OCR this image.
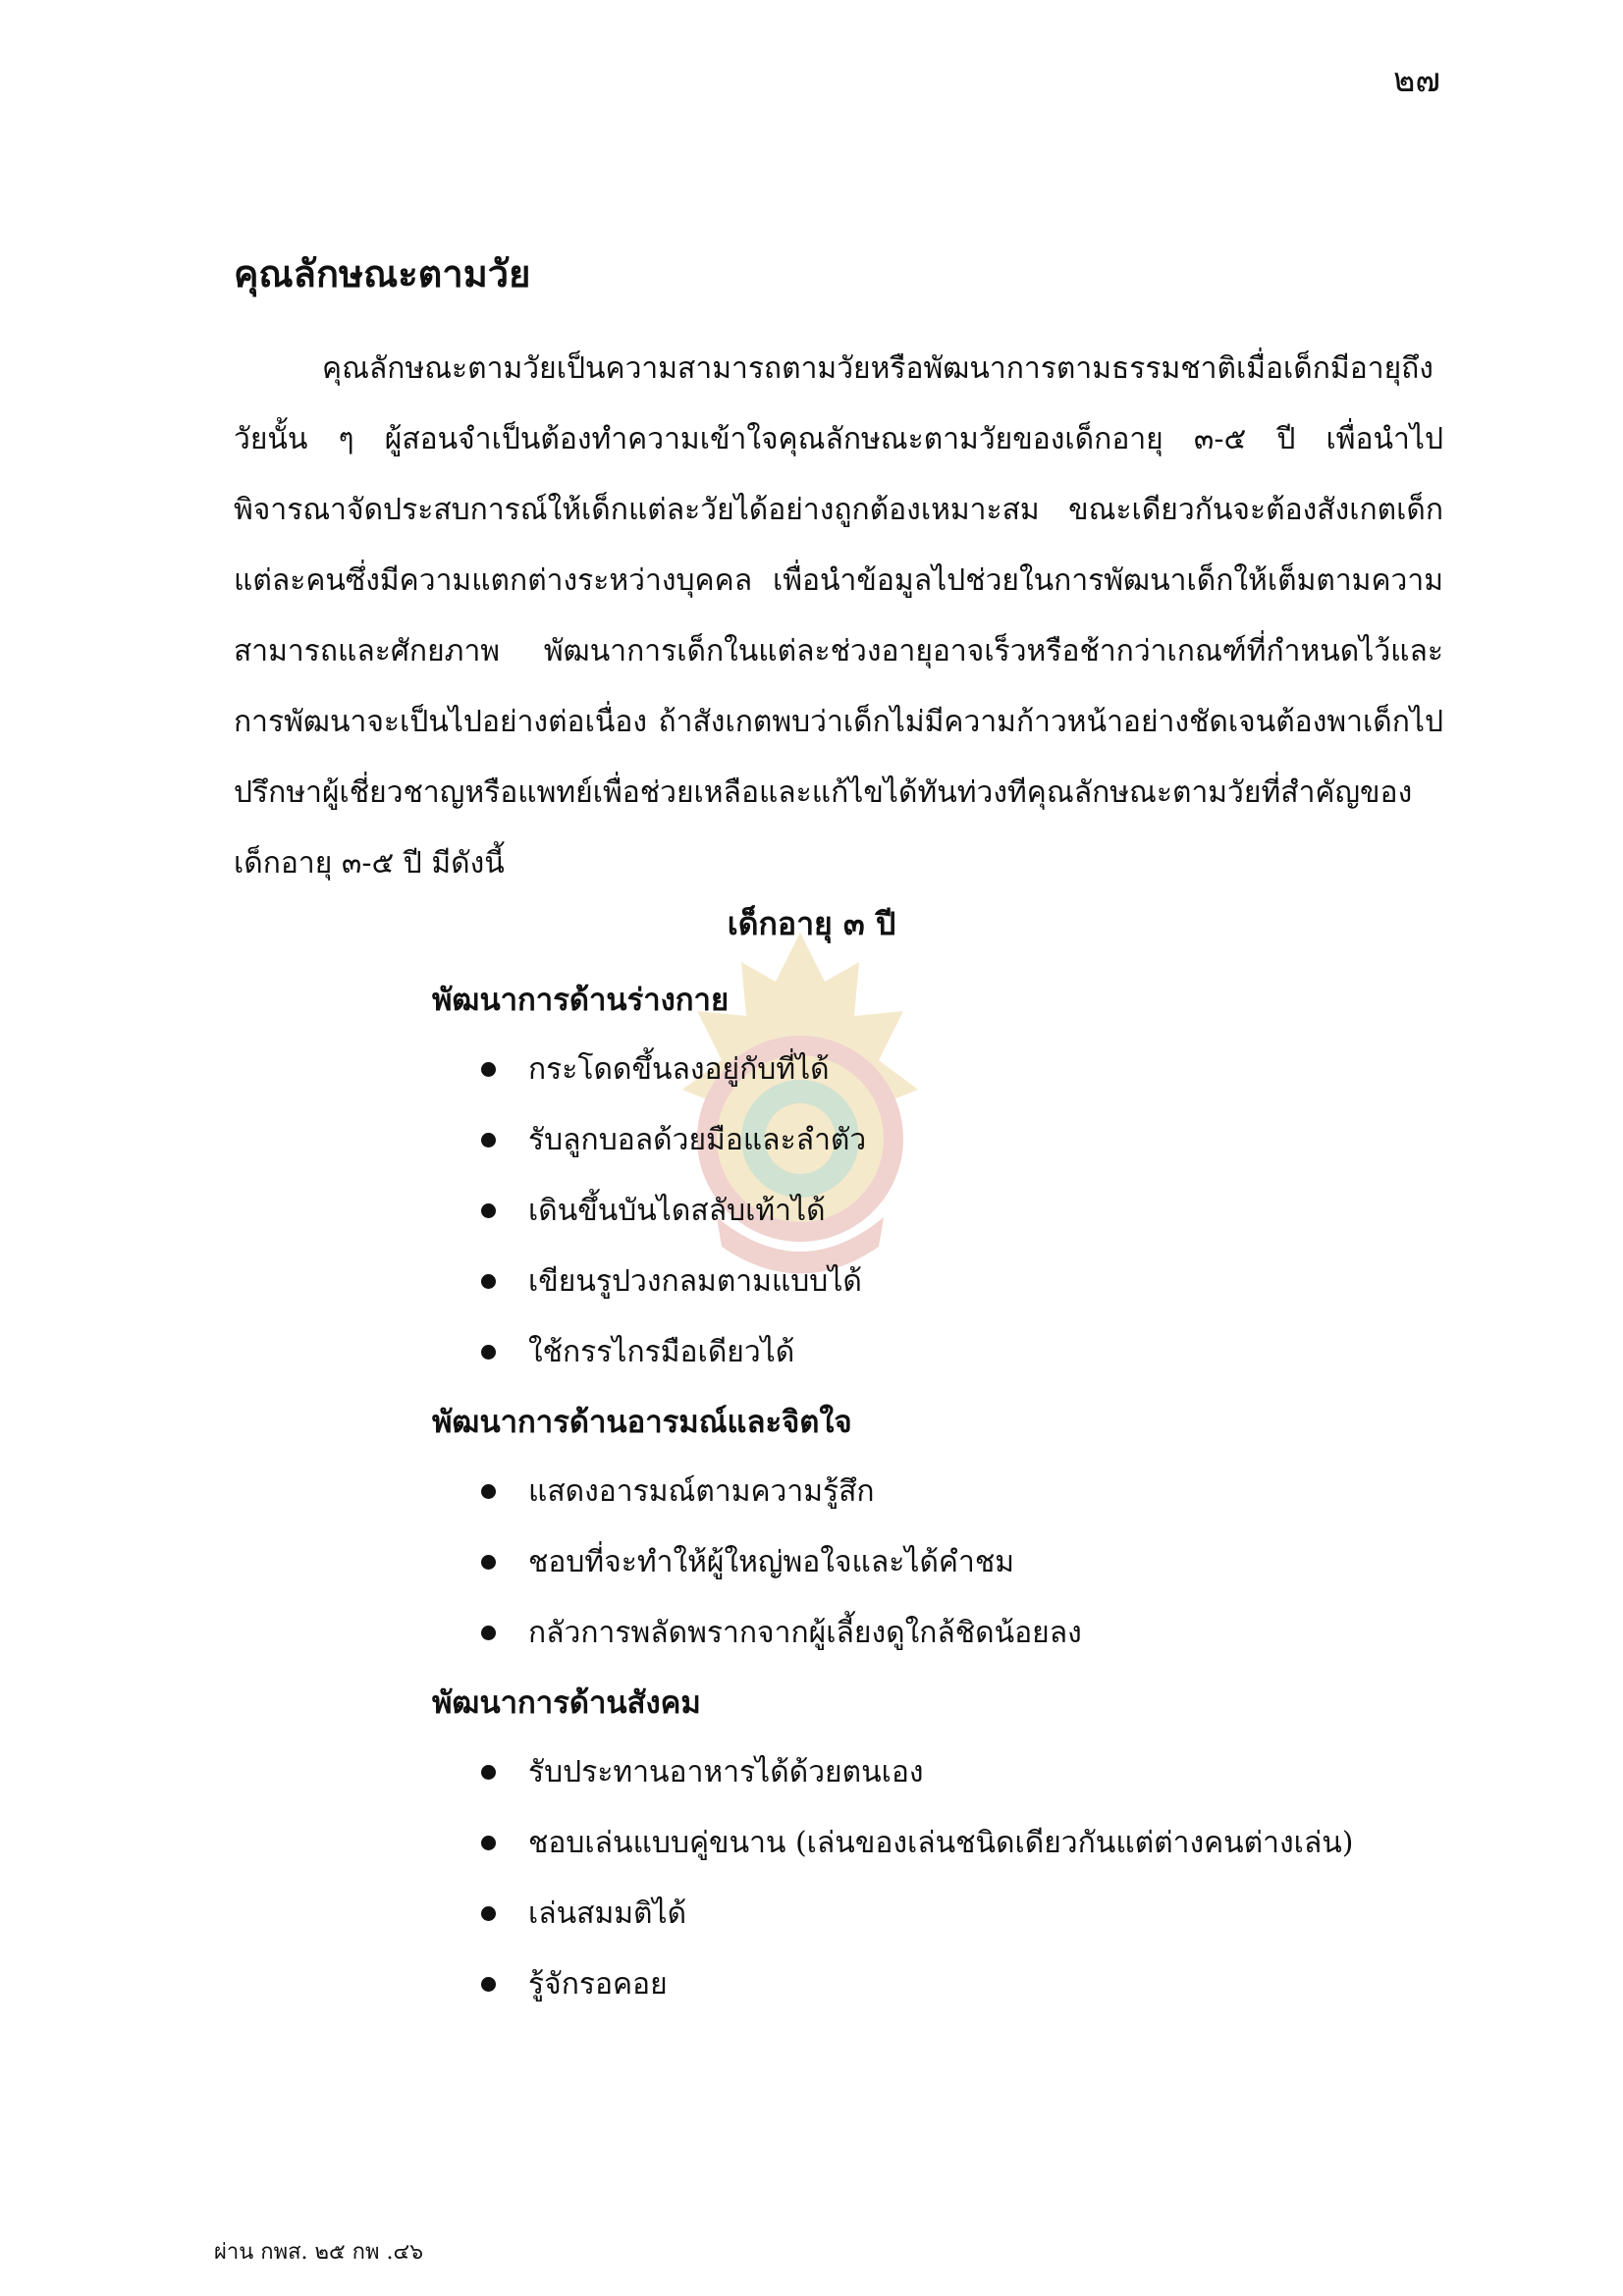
๒๗
คุณลักษณะตามวัย

คุณลักษณะตามวัยเป็นความสามารถตามวัยหรือพัฒนาการตามธรรมชาติเมื่อเด็กมีอายุถึงวัยนั้น ๆ ผู้สอนจำเป็นต้องทำความเข้าใจคุณลักษณะตามวัยของเด็กอายุ ๓-๕ ปี เพื่อนำไปพิจารณาจัดประสบการณ์ให้เด็กแต่ละวัยได้อย่างถูกต้องเหมาะสม ขณะเดียวกันจะต้องสังเกตเด็กแต่ละคนซึ่งมีความแตกต่างระหว่างบุคคล เพื่อนำข้อมูลไปช่วยในการพัฒนาเด็กให้เต็มตามความสามารถและศักยภาพ พัฒนาการเด็กในแต่ละช่วงอายุอาจเร็วหรือช้ากว่าเกณฑ์ที่กำหนดไว้และการพัฒนาจะเป็นไปอย่างต่อเนื่อง ถ้าสังเกตพบว่าเด็กไม่มีความก้าวหน้าอย่างชัดเจนต้องพาเด็กไปปรึกษาผู้เชี่ยวชาญหรือแพทย์เพื่อช่วยเหลือและแก้ไขได้ทันท่วงทีคุณลักษณะตามวัยที่สำคัญของเด็กอายุ ๓-๕ ปี มีดังนี้

เด็กอายุ ๓ ปี
พัฒนาการด้านร่างกาย
กระโดดขึ้นลงอยู่กับที่ได้
รับลูกบอลด้วยมือและลำตัว
เดินขึ้นบันไดสลับเท้าได้
เขียนรูปวงกลมตามแบบได้
ใช้กรรไกรมือเดียวได้
พัฒนาการด้านอารมณ์และจิตใจ
แสดงอารมณ์ตามความรู้สึก
ชอบที่จะทำให้ผู้ใหญ่พอใจและได้คำชม
กลัวการพลัดพรากจากผู้เลี้ยงดูใกล้ชิดน้อยลง
พัฒนาการด้านสังคม
รับประทานอาหารได้ด้วยตนเอง
ชอบเล่นแบบคู่ขนาน (เล่นของเล่นชนิดเดียวกันแต่ต่างคนต่างเล่น)
เล่นสมมติได้
รู้จักรอคอย
ผ่าน กพส. ๒๕ กพ .๔๖
